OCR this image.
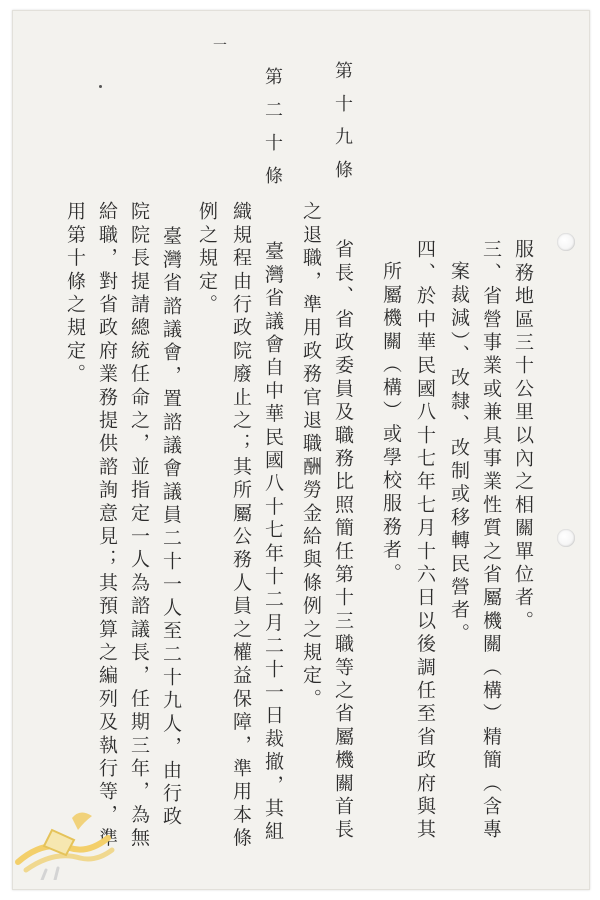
一
服務地區三十公里以內之相關單位者。
三、省營事業或兼具事業性質之省屬機關（構）精簡（含專
案裁減）、改隸、改制或移轉民營者。
四、於中華民國八十七年七月十六日以後調任至省政府與其
所屬機關（構）或學校服務者。
第十九條
省長、省政委員及職務比照簡任第十三職等之省屬機關首長
之退職，準用政務官退職酬勞金給與條例之規定。
第二十條
臺灣省議會自中華民國八十七年十二月二十一日裁撤，其組
織規程由行政院廢止之；其所屬公務人員之權益保障，準用本條
例之規定。
臺灣省諮議會，置諮議會議員二十一人至二十九人，由行政
院院長提請總統任命之，並指定一人為諮議長，任期三年，為無
給職，對省政府業務提供諮詢意見；其預算之編列及執行等，準
用第十條之規定。
